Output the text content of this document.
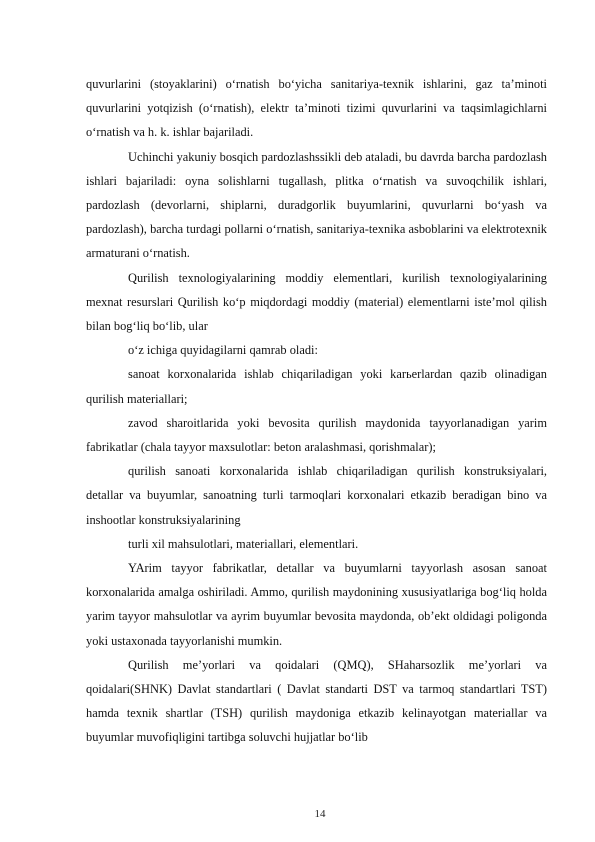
quvurlarini (stoyaklarini) o‘rnatish bo‘yicha sanitariya-texnik ishlarini, gaz ta’minoti quvurlarini yotqizish (o‘rnatish), elektr ta’minoti tizimi quvurlarini va taqsimlagichlarni o‘rnatish va h. k. ishlar bajariladi.

Uchinchi yakuniy bosqich pardozlashssikli deb ataladi, bu davrda barcha pardozlash ishlari bajariladi: oyna solishlarni tugallash, plitka o‘rnatish va suvoqchilik ishlari, pardozlash (devorlarni, shiplarni, duradgorlik buyumlarini, quvurlarni bo‘yash va pardozlash), barcha turdagi pollarni o‘rnatish, sanitariya-texnika asboblarini va elektrotexnik armaturani o‘rnatish.

Qurilish texnologiyalarining moddiy elementlari, kurilish texnologiyalarining mexnat resurslari Qurilish ko‘p miqdordagi moddiy (material) elementlarni iste’mol qilish bilan bog‘liq bo‘lib, ular

o‘z ichiga quyidagilarni qamrab oladi:

sanoat korxonalarida ishlab chiqariladigan yoki karьerlardan qazib olinadigan qurilish materiallari;

zavod sharoitlarida yoki bevosita qurilish maydonida tayyorlanadigan yarim fabrikatlar (chala tayyor maxsulotlar: beton aralashmasi, qorishmalar);

qurilish sanoati korxonalarida ishlab chiqariladigan qurilish konstruksiyalari, detallar va buyumlar, sanoatning turli tarmoqlari korxonalari etkazib beradigan bino va inshootlar konstruksiyalarining

turli xil mahsulotlari, materiallari, elementlari.

YArim tayyor fabrikatlar, detallar va buyumlarni tayyorlash asosan sanoat korxonalarida amalga oshiriladi. Ammo, qurilish maydonining xususiyatlariga bog‘liq holda yarim tayyor mahsulotlar va ayrim buyumlar bevosita maydonda, ob’ekt oldidagi poligonda yoki ustaxonada tayyorlanishi mumkin.

Qurilish me’yorlari va qoidalari (QMQ), SHaharsozlik me’yorlari va qoidalari(SHNK) Davlat standartlari ( Davlat standarti DST va tarmoq standartlari TST) hamda texnik shartlar (TSH) qurilish maydoniga etkazib kelinayotgan materiallar va buyumlar muvofiqligini tartibga soluvchi hujjatlar bo‘lib

14
